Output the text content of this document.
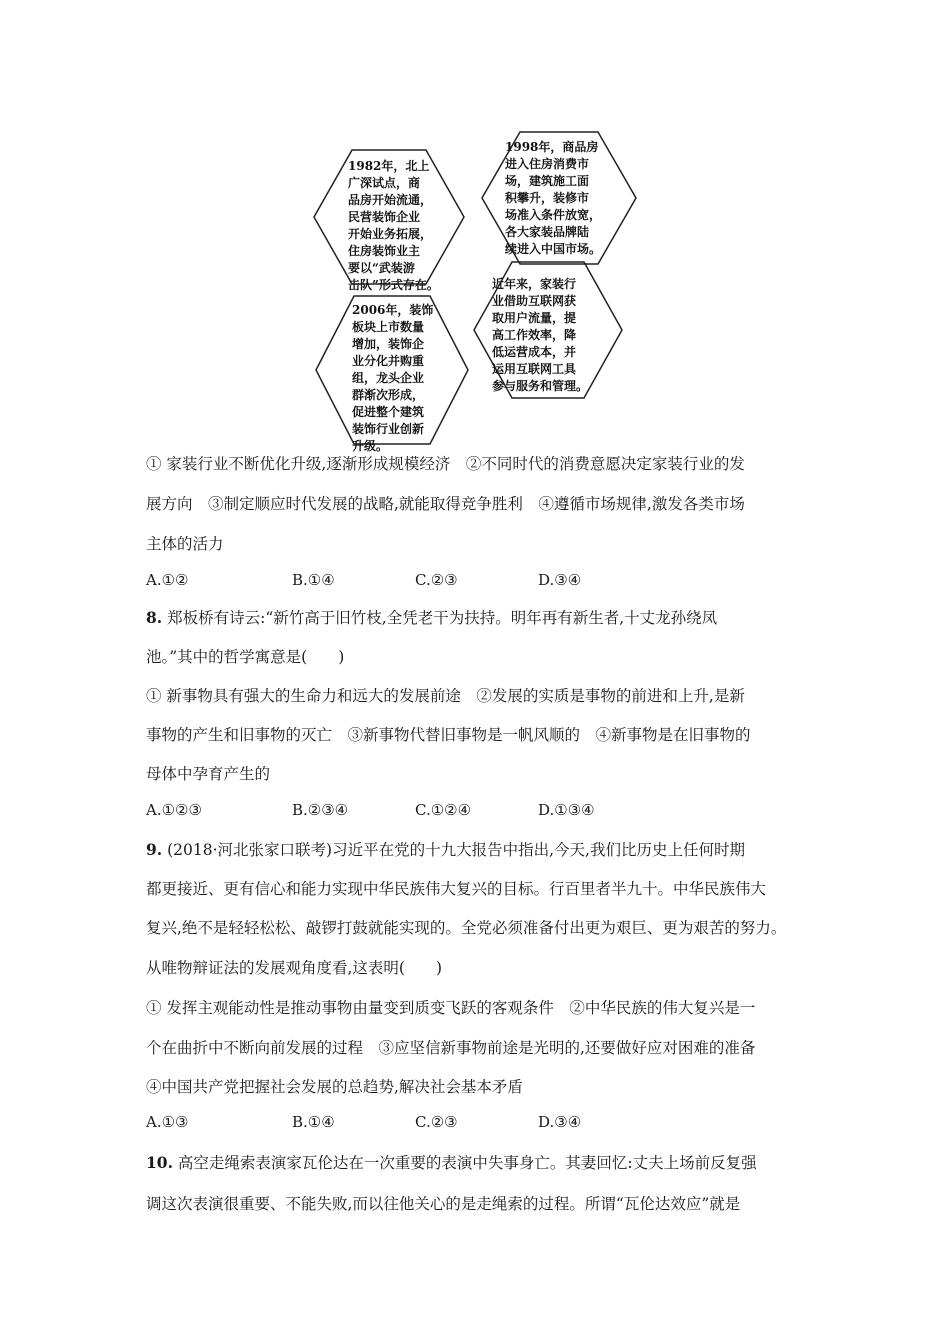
1982年，北上
广深试点，商
品房开始流通，
民营装饰企业
开始业务拓展，
住房装饰业主
要以“武装游
击队”形式存在。
1998年，商品房
进入住房消费市
场，建筑施工面
积攀升，装修市
场准入条件放宽，
各大家装品牌陆
续进入中国市场。
2006年，装饰
板块上市数量
增加，装饰企
业分化并购重
组，龙头企业
群渐次形成，
促进整个建筑
装饰行业创新
升级。
近年来，家装行
业借助互联网获
取用户流量，提
高工作效率，降
低运营成本，并
运用互联网工具
参与服务和管理。
① 家装行业不断优化升级,逐渐形成规模经济　②不同时代的消费意愿决定家装行业的发
展方向　③制定顺应时代发展的战略,就能取得竞争胜利　④遵循市场规律,激发各类市场
主体的活力
A.①②	B.①④	C.②③	D.③④
8. 郑板桥有诗云:“新竹高于旧竹枝,全凭老干为扶持。明年再有新生者,十丈龙孙绕凤
池。”其中的哲学寓意是(　　)
① 新事物具有强大的生命力和远大的发展前途　②发展的实质是事物的前进和上升,是新
事物的产生和旧事物的灭亡　③新事物代替旧事物是一帆风顺的　④新事物是在旧事物的
母体中孕育产生的
A.①②③	B.②③④	C.①②④	D.①③④
9. (2018·河北张家口联考)习近平在党的十九大报告中指出,今天,我们比历史上任何时期
都更接近、更有信心和能力实现中华民族伟大复兴的目标。行百里者半九十。中华民族伟大
复兴,绝不是轻轻松松、敲锣打鼓就能实现的。全党必须准备付出更为艰巨、更为艰苦的努力。
从唯物辩证法的发展观角度看,这表明(　　)
① 发挥主观能动性是推动事物由量变到质变飞跃的客观条件　②中华民族的伟大复兴是一
个在曲折中不断向前发展的过程　③应坚信新事物前途是光明的,还要做好应对困难的准备
④中国共产党把握社会发展的总趋势,解决社会基本矛盾
A.①③	B.①④	C.②③	D.③④
10. 高空走绳索表演家瓦伦达在一次重要的表演中失事身亡。其妻回忆:丈夫上场前反复强
调这次表演很重要、不能失败,而以往他关心的是走绳索的过程。所谓“瓦伦达效应”就是
